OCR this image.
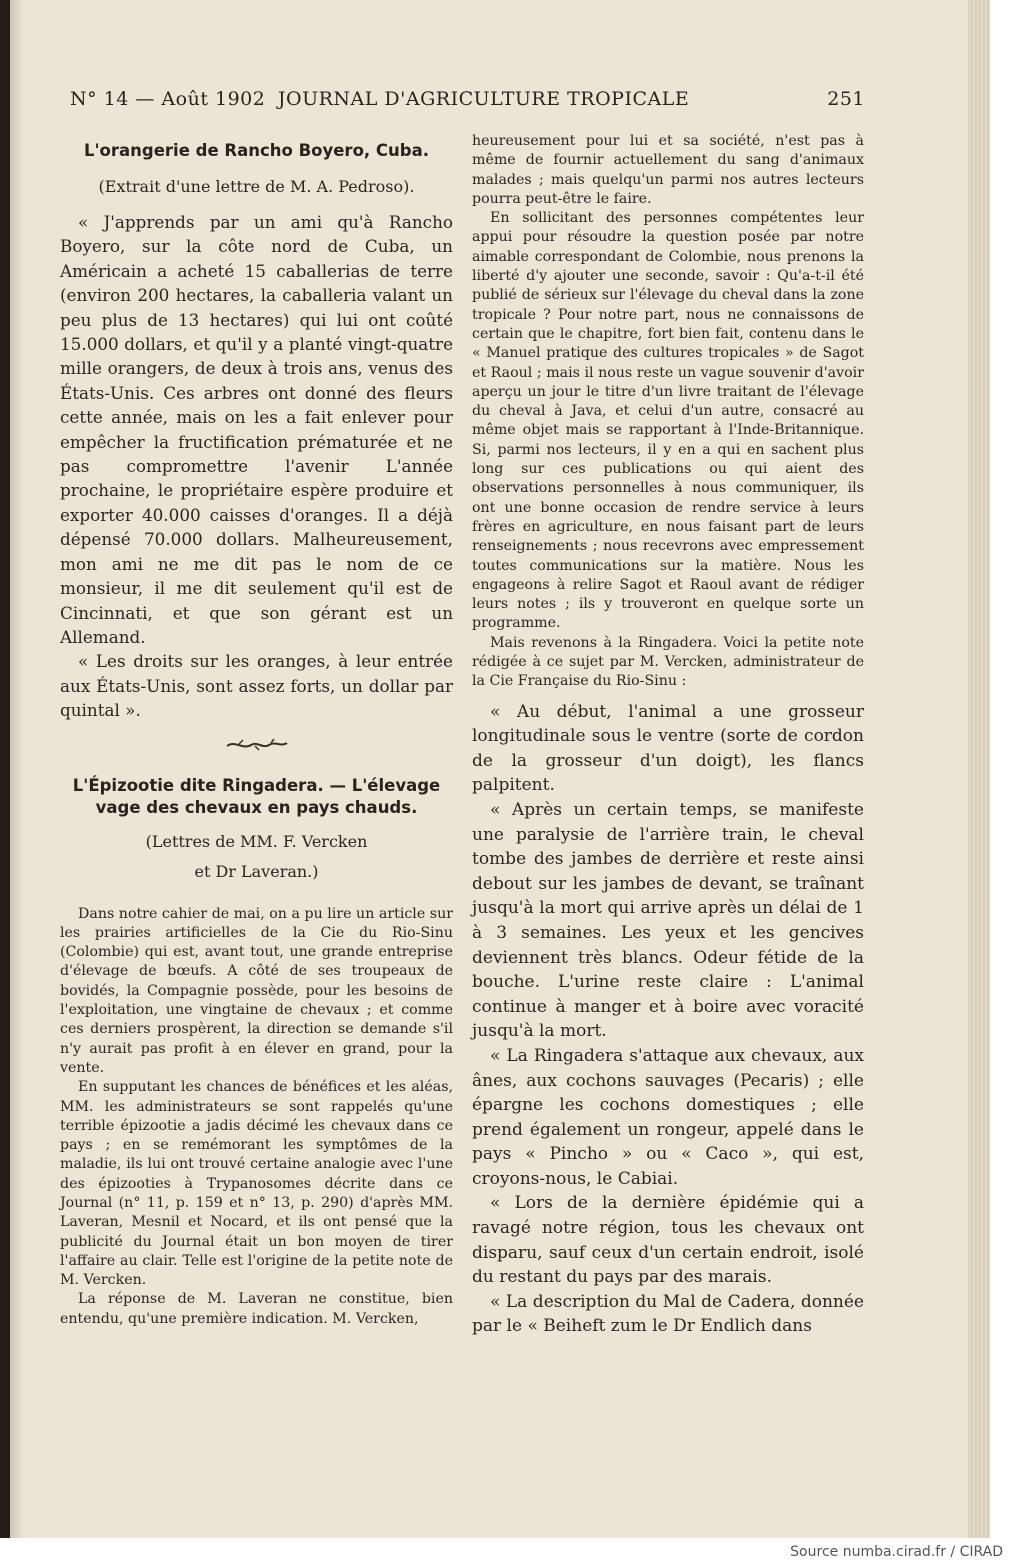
N° 14 — Août 1902 JOURNAL D'AGRICULTURE TROPICALE	251
L'orangerie de Rancho Boyero, Cuba.
(Extrait d'une lettre de M. A. Pedroso).

« J'apprends par un ami qu'à Rancho Boyero, sur la côte nord de Cuba, un Américain a acheté 15 caballerias de terre (environ 200 hectares, la caballeria valant un peu plus de 13 hectares) qui lui ont coûté 15.000 dollars, et qu'il y a planté vingt-quatre mille orangers, de deux à trois ans, venus des États-Unis. Ces arbres ont donné des fleurs cette année, mais on les a fait enlever pour empêcher la fructification prématurée et ne pas compromettre l'avenir L'année prochaine, le propriétaire espère produire et exporter 40.000 caisses d'oranges. Il a déjà dépensé 70.000 dollars. Malheureusement, mon ami ne me dit pas le nom de ce monsieur, il me dit seulement qu'il est de Cincinnati, et que son gérant est un Allemand.

« Les droits sur les oranges, à leur entrée aux États-Unis, sont assez forts, un dollar par quintal ».

L'Épizootie dite Ringadera. — L'élevage
vage des chevaux en pays chauds.
(Lettres de MM. F. Vercken
et Dr Laveran.)

Dans notre cahier de mai, on a pu lire un article sur les prairies artificielles de la Cie du Rio-Sinu (Colombie) qui est, avant tout, une grande entreprise d'élevage de bœufs. A côté de ses troupeaux de bovidés, la Compagnie possède, pour les besoins de l'exploitation, une vingtaine de chevaux ; et comme ces derniers prospèrent, la direction se demande s'il n'y aurait pas profit à en élever en grand, pour la vente.

En supputant les chances de bénéfices et les aléas, MM. les administrateurs se sont rappelés qu'une terrible épizootie a jadis décimé les chevaux dans ce pays ; en se remémorant les symptômes de la maladie, ils lui ont trouvé certaine analogie avec l'une des épizooties à Trypanosomes décrite dans ce Journal (n° 11, p. 159 et n° 13, p. 290) d'après MM. Laveran, Mesnil et Nocard, et ils ont pensé que la publicité du Journal était un bon moyen de tirer l'affaire au clair. Telle est l'origine de la petite note de M. Vercken.

La réponse de M. Laveran ne constitue, bien entendu, qu'une première indication. M. Vercken,

heureusement pour lui et sa société, n'est pas à même de fournir actuellement du sang d'animaux malades ; mais quelqu'un parmi nos autres lecteurs pourra peut-être le faire.

En sollicitant des personnes compétentes leur appui pour résoudre la question posée par notre aimable correspondant de Colombie, nous prenons la liberté d'y ajouter une seconde, savoir : Qu'a-t-il été publié de sérieux sur l'élevage du cheval dans la zone tropicale ? Pour notre part, nous ne connaissons de certain que le chapitre, fort bien fait, contenu dans le « Manuel pratique des cultures tropicales » de Sagot et Raoul ; mais il nous reste un vague souvenir d'avoir aperçu un jour le titre d'un livre traitant de l'élevage du cheval à Java, et celui d'un autre, consacré au même objet mais se rapportant à l'Inde-Britannique. Si, parmi nos lecteurs, il y en a qui en sachent plus long sur ces publications ou qui aient des observations personnelles à nous communiquer, ils ont une bonne occasion de rendre service à leurs frères en agriculture, en nous faisant part de leurs renseignements ; nous recevrons avec empressement toutes communications sur la matière. Nous les engageons à relire Sagot et Raoul avant de rédiger leurs notes ; ils y trouveront en quelque sorte un programme.

Mais revenons à la Ringadera. Voici la petite note rédigée à ce sujet par M. Vercken, administrateur de la Cie Française du Rio-Sinu :

« Au début, l'animal a une grosseur longitudinale sous le ventre (sorte de cordon de la grosseur d'un doigt), les flancs palpitent.

« Après un certain temps, se manifeste une paralysie de l'arrière train, le cheval tombe des jambes de derrière et reste ainsi debout sur les jambes de devant, se traînant jusqu'à la mort qui arrive après un délai de 1 à 3 semaines. Les yeux et les gencives deviennent très blancs. Odeur fétide de la bouche. L'urine reste claire : L'animal continue à manger et à boire avec voracité jusqu'à la mort.

« La Ringadera s'attaque aux chevaux, aux ânes, aux cochons sauvages (Pecaris) ; elle épargne les cochons domestiques ; elle prend également un rongeur, appelé dans le pays « Pincho » ou « Caco », qui est, croyons-nous, le Cabiai.

« Lors de la dernière épidémie qui a ravagé notre région, tous les chevaux ont disparu, sauf ceux d'un certain endroit, isolé du restant du pays par des marais.

« La description du Mal de Cadera, donnée par le « Beiheft zum le Dr Endlich dans

Source numba.cirad.fr / CIRAD
